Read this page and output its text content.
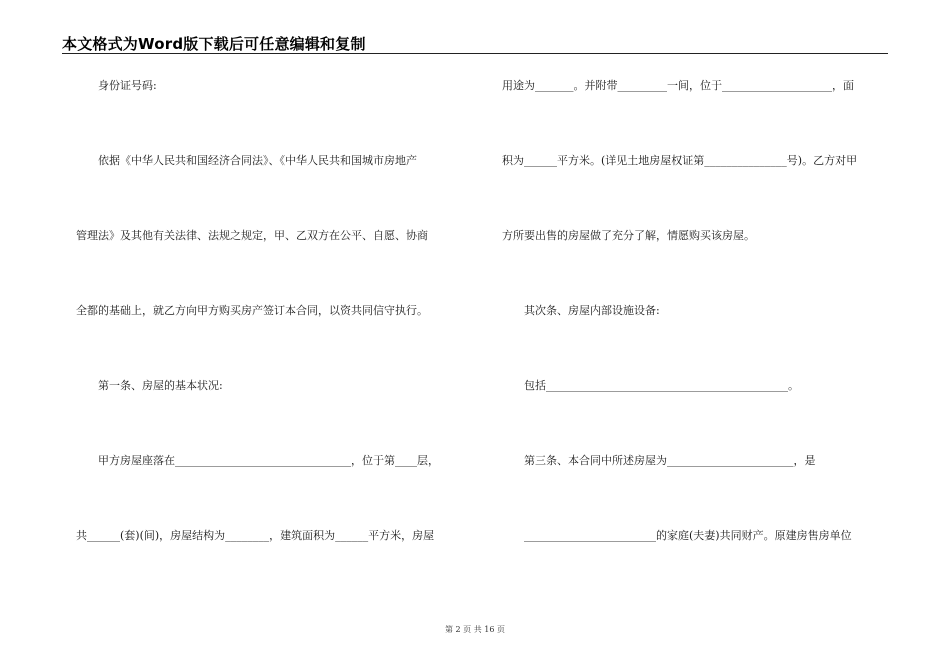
本文格式为Word版下载后可任意编辑和复制
　　身份证号码:
　　依据《中华人民共和国经济合同法》、《中华人民共和国城市房地产
管理法》及其他有关法律、法规之规定，甲、乙双方在公平、自愿、协商
全都的基础上，就乙方向甲方购买房产签订本合同，以资共同信守执行。
　　第一条、房屋的基本状况:
　　甲方房屋座落在________________________________，位于第____层，
共______(套)(间)，房屋结构为________，建筑面积为______平方米，房屋
用途为_______。并附带_________一间，位于____________________，面
积为______平方米。(详见土地房屋权证第_______________号)。乙方对甲
方所要出售的房屋做了充分了解，情愿购买该房屋。
　　其次条、房屋内部设施设备:
　　包括____________________________________________。
　　第三条、本合同中所述房屋为_______________________，是
　　________________________的家庭(夫妻)共同财产。原建房售房单位
第 2 页 共 16 页
